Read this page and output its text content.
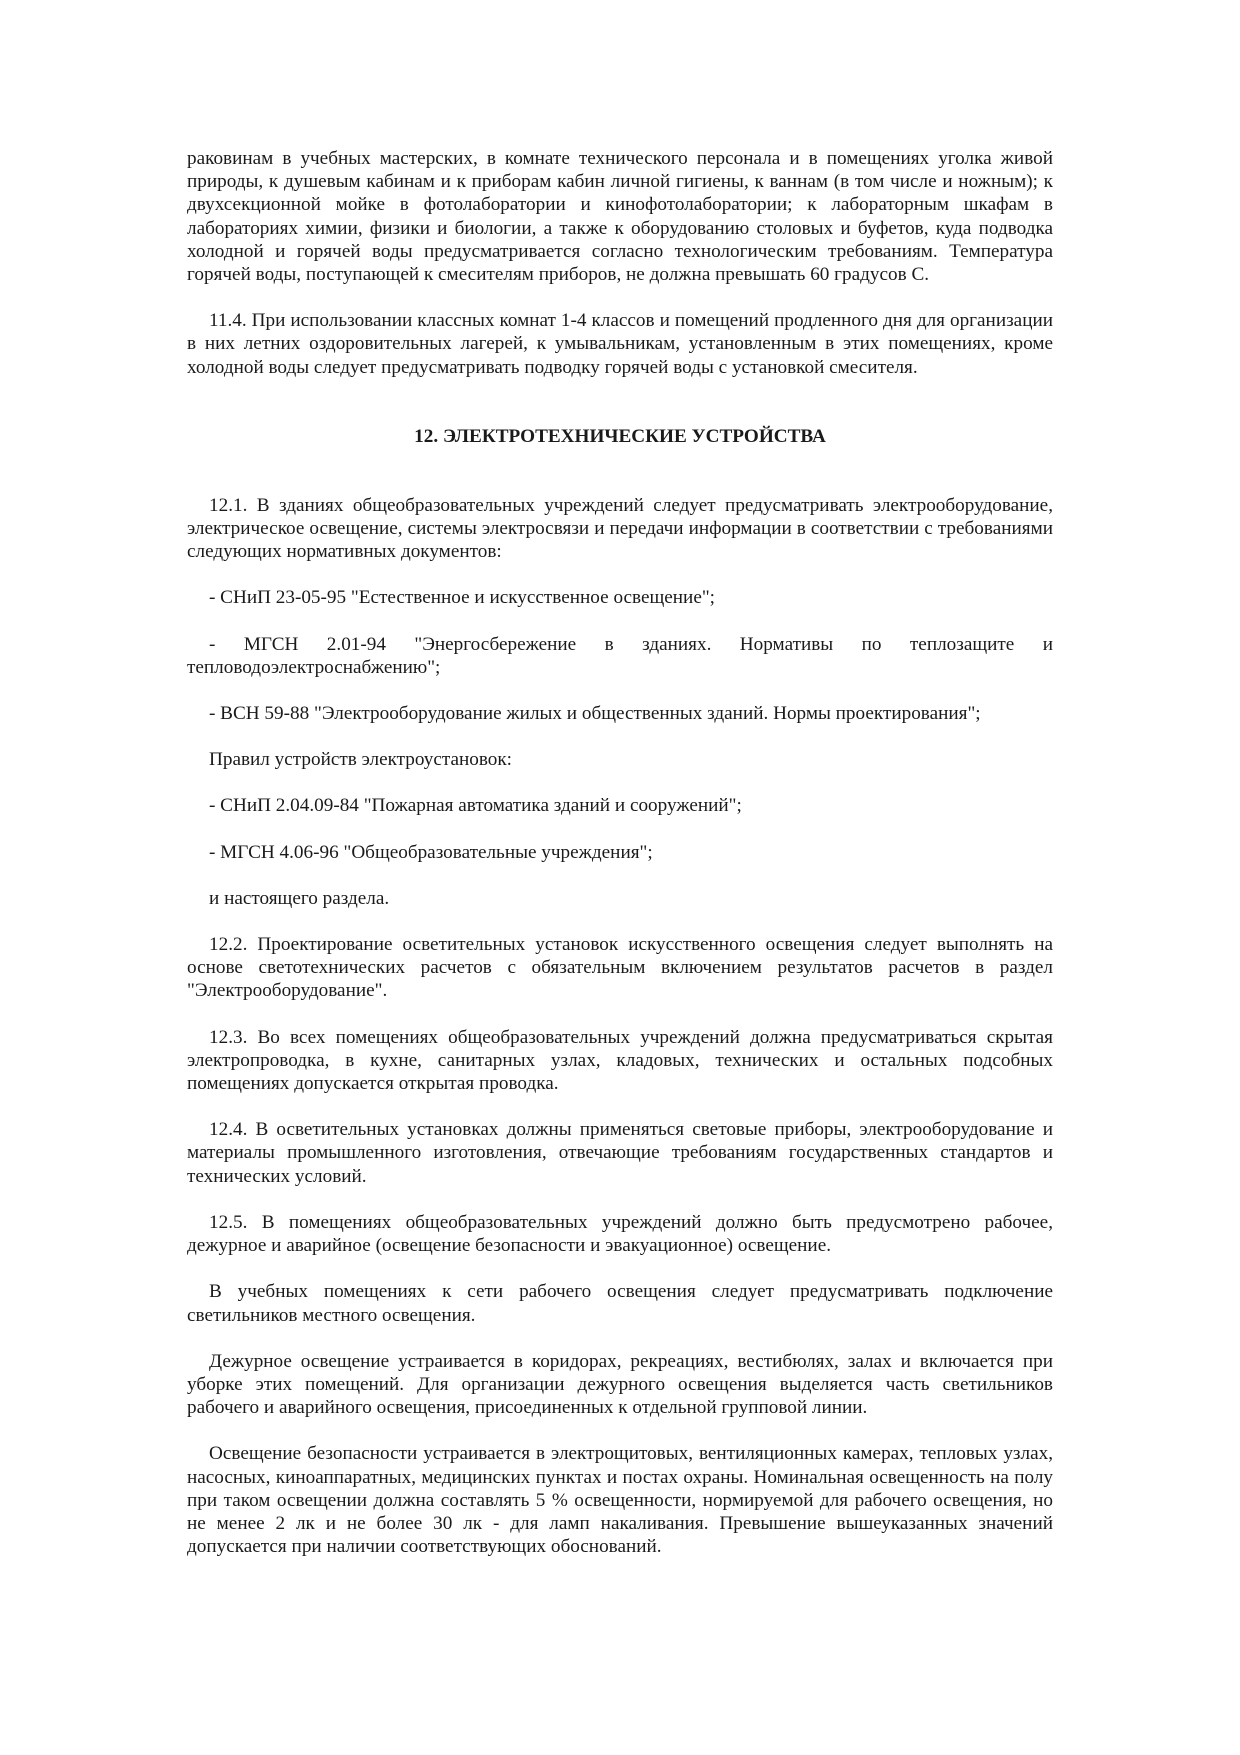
раковинам в учебных мастерских, в комнате технического персонала и в помещениях уголка живой природы, к душевым кабинам и к приборам кабин личной гигиены, к ваннам (в том числе и ножным); к двухсекционной мойке в фотолаборатории и кинофотолаборатории; к лабораторным шкафам в лабораториях химии, физики и биологии, а также к оборудованию столовых и буфетов, куда подводка холодной и горячей воды предусматривается согласно технологическим требованиям. Температура горячей воды, поступающей к смесителям приборов, не должна превышать 60 градусов С.

11.4. При использовании классных комнат 1-4 классов и помещений продленного дня для организации в них летних оздоровительных лагерей, к умывальникам, установленным в этих помещениях, кроме холодной воды следует предусматривать подводку горячей воды с установкой смесителя.

12. ЭЛЕКТРОТЕХНИЧЕСКИЕ УСТРОЙСТВА

12.1. В зданиях общеобразовательных учреждений следует предусматривать электрооборудование, электрическое освещение, системы электросвязи и передачи информации в соответствии с требованиями следующих нормативных документов:

- СНиП 23-05-95 "Естественное и искусственное освещение";

- МГСН 2.01-94 "Энергосбережение в зданиях. Нормативы по теплозащите и тепловодоэлектроснабжению";

- ВСН 59-88 "Электрооборудование жилых и общественных зданий. Нормы проектирования";

Правил устройств электроустановок:

- СНиП 2.04.09-84 "Пожарная автоматика зданий и сооружений";

- МГСН 4.06-96 "Общеобразовательные учреждения";

и настоящего раздела.

12.2. Проектирование осветительных установок искусственного освещения следует выполнять на основе светотехнических расчетов с обязательным включением результатов расчетов в раздел "Электрооборудование".

12.3. Во всех помещениях общеобразовательных учреждений должна предусматриваться скрытая электропроводка, в кухне, санитарных узлах, кладовых, технических и остальных подсобных помещениях допускается открытая проводка.

12.4. В осветительных установках должны применяться световые приборы, электрооборудование и материалы промышленного изготовления, отвечающие требованиям государственных стандартов и технических условий.

12.5. В помещениях общеобразовательных учреждений должно быть предусмотрено рабочее, дежурное и аварийное (освещение безопасности и эвакуационное) освещение.

В учебных помещениях к сети рабочего освещения следует предусматривать подключение светильников местного освещения.

Дежурное освещение устраивается в коридорах, рекреациях, вестибюлях, залах и включается при уборке этих помещений. Для организации дежурного освещения выделяется часть светильников рабочего и аварийного освещения, присоединенных к отдельной групповой линии.

Освещение безопасности устраивается в электрощитовых, вентиляционных камерах, тепловых узлах, насосных, киноаппаратных, медицинских пунктах и постах охраны. Номинальная освещенность на полу при таком освещении должна составлять 5 % освещенности, нормируемой для рабочего освещения, но не менее 2 лк и не более 30 лк - для ламп накаливания. Превышение вышеуказанных значений допускается при наличии соответствующих обоснований.
